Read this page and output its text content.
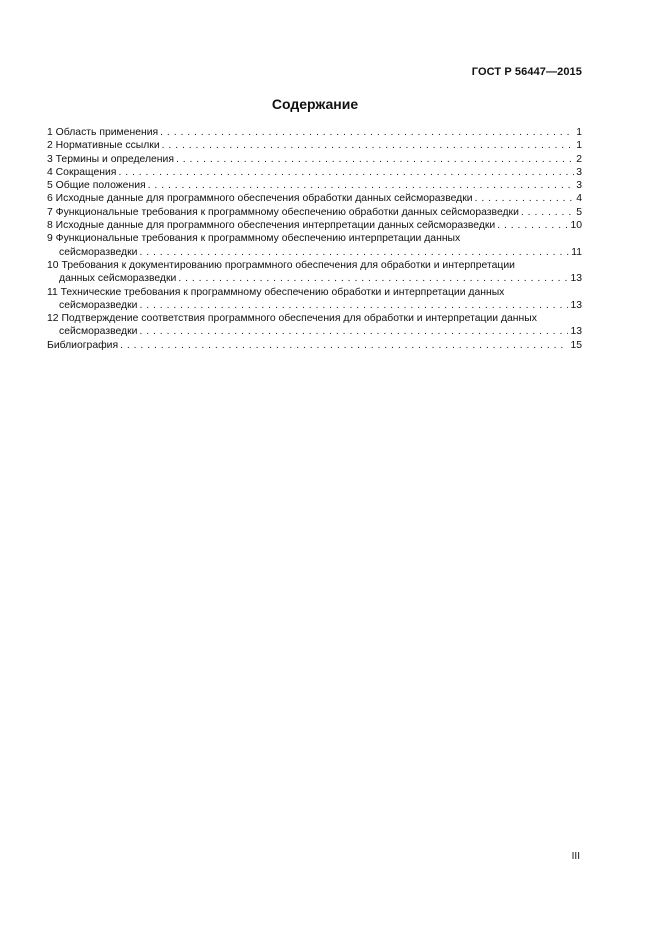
ГОСТ Р 56447—2015
Содержание
1 Область применения . . .	1
2 Нормативные ссылки . . .	1
3 Термины и определения . . .	2
4 Сокращения . . .	3
5 Общие положения . . .	3
6 Исходные данные для программного обеспечения обработки данных сейсморазведки . . .	4
7 Функциональные требования к программному обеспечению обработки данных сейсморазведки . . .	5
8 Исходные данные для программного обеспечения интерпретации данных сейсморазведки . . .	10
9 Функциональные требования к программному обеспечению интерпретации данных
сейсморазведки . . .	11
10 Требования к документированию программного обеспечения для обработки и интерпретации
данных сейсморазведки . . .	13
11 Технические требования к программному обеспечению обработки и интерпретации данных
сейсморазведки . . .	13
12 Подтверждение соответствия программного обеспечения для обработки и интерпретации данных
сейсморазведки . . .	13
Библиография . . .	15
III
